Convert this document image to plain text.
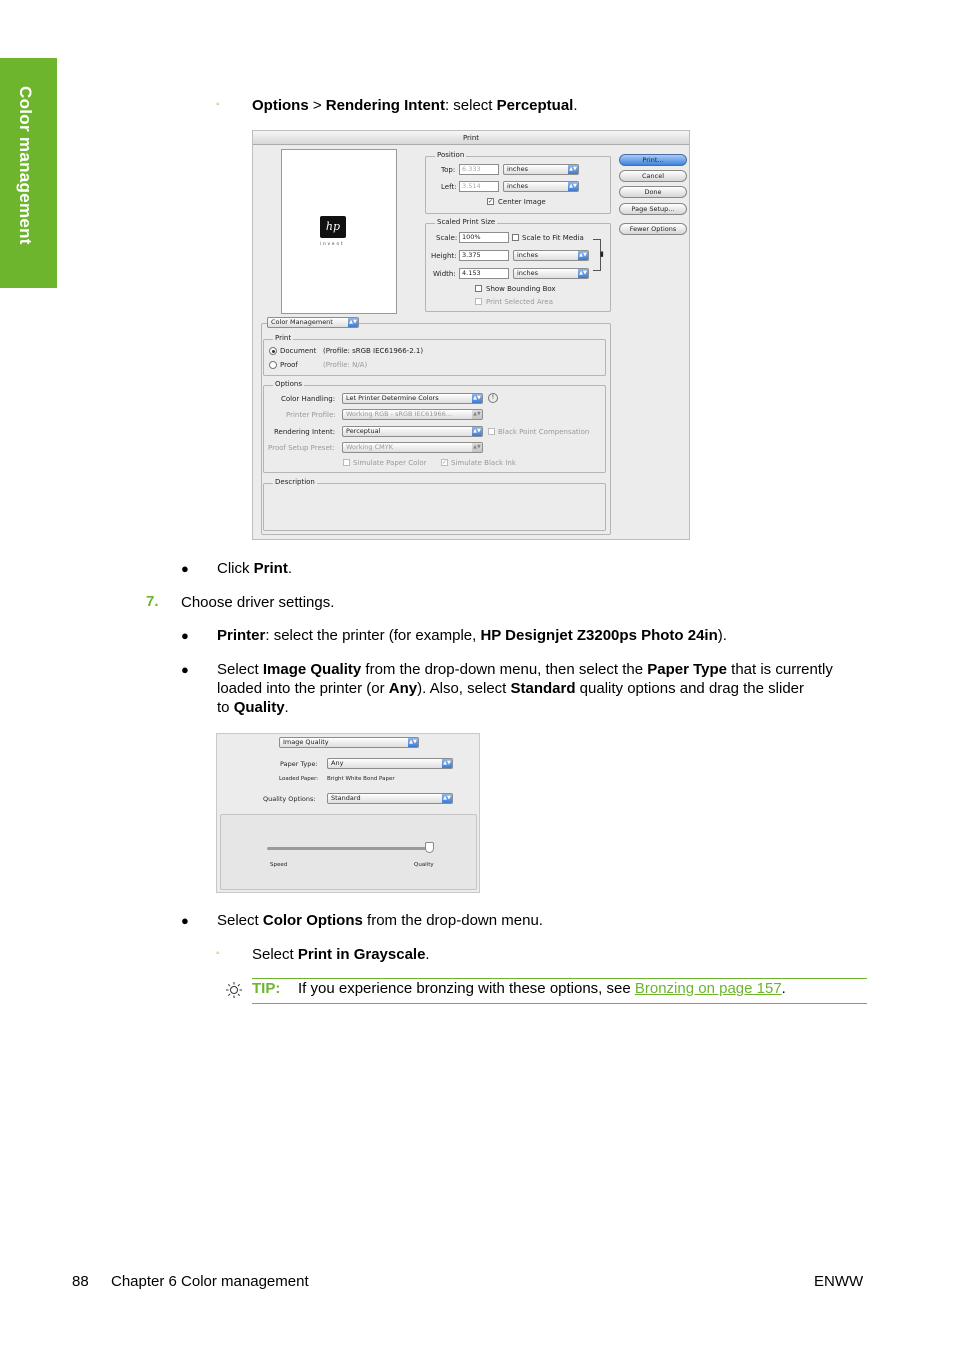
Color management	◦ Options > Rendering Intent: select Perceptual.
Print
hp
invent
Position
Top:	6.333	inches	▲▼
Left: 3.514	inches	▲▼
✓ Center Image
Scaled Print Size
Scale: 100%	Scale to Fit Media
Height: 3.375	inches	▲▼
Width: 4.153	inches	▲▼
▮
Show Bounding Box
Print Selected Area
Print...
Cancel
Done
Page Setup...
Fewer Options
Color Management	▲▼
Print
Document (Profile: sRGB IEC61966-2.1)
Proof	(Profile: N/A)
Options
Color Handling:	Let Printer Determine Colors	▲▼	!
Printer Profile:	Working RGB - sRGB IEC61966...	▲▼
Rendering Intent:	Perceptual	▲▼ Black Point Compensation
Proof Setup Preset:	Working CMYK	▲▼
Simulate Paper Color	✓ Simulate Black Ink
Description
● Click Print.
7. Choose driver settings.
● Printer: select the printer (for example, HP Designjet Z3200ps Photo 24in).
● Select Image Quality from the drop-down menu, then select the Paper Type that is currently
loaded into the printer (or Any). Also, select Standard quality options and drag the slider
to Quality.
Image Quality	▲▼
Paper Type:	Any	▲▼
Loaded Paper: Bright White Bond Paper
Quality Options:	Standard	▲▼
Speed	Quality
● Select Color Options from the drop-down menu.
◦ Select Print in Grayscale.
TIP: If you experience bronzing with these options, see Bronzing on page 157.
88 Chapter 6 Color management	ENWW
